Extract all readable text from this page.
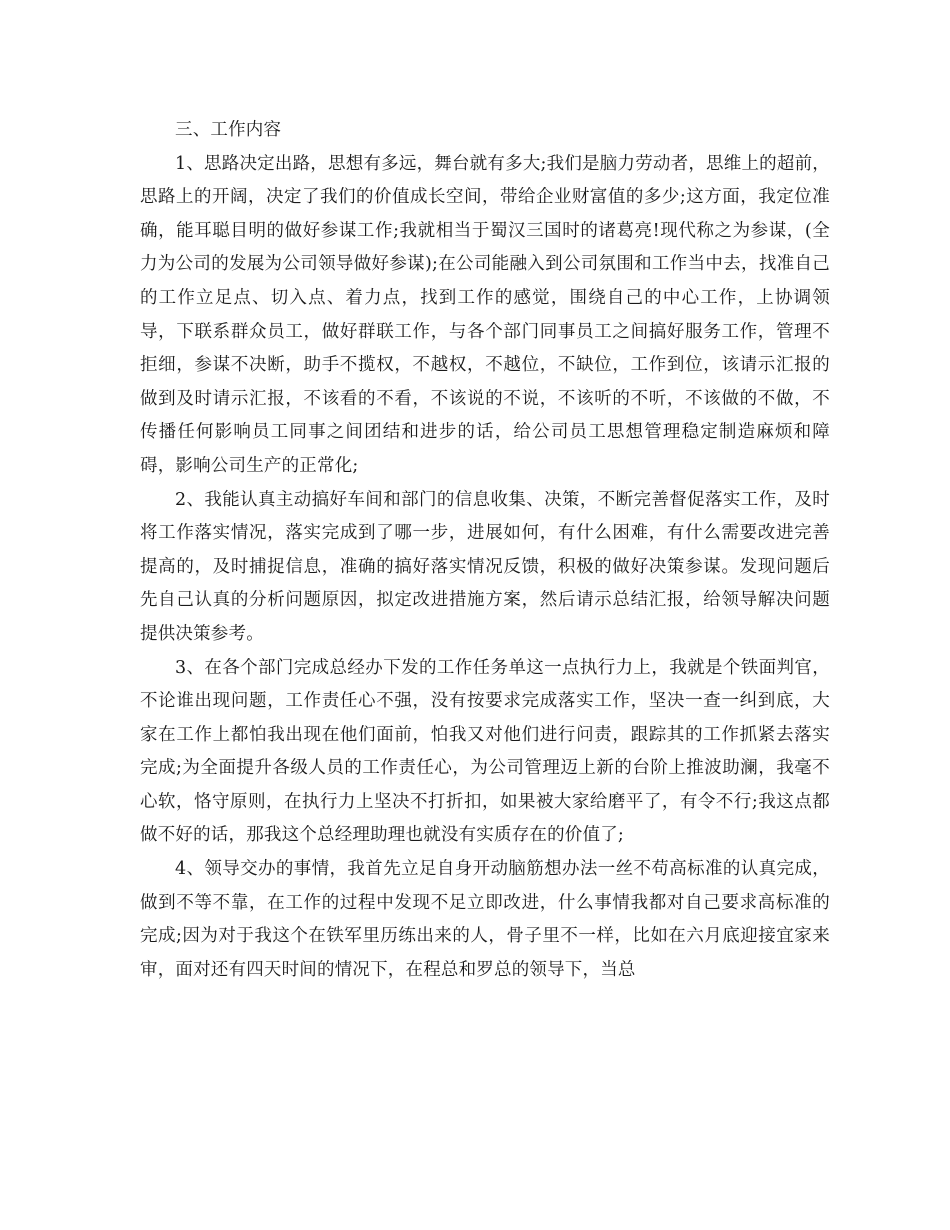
三、工作内容

1、思路决定出路，思想有多远，舞台就有多大;我们是脑力劳动者，思维上的超前，思路上的开阔，决定了我们的价值成长空间，带给企业财富值的多少;这方面，我定位准确，能耳聪目明的做好参谋工作;我就相当于蜀汉三国时的诸葛亮!现代称之为参谋，(全力为公司的发展为公司领导做好参谋);在公司能融入到公司氛围和工作当中去，找准自己的工作立足点、切入点、着力点，找到工作的感觉，围绕自己的中心工作，上协调领导，下联系群众员工，做好群联工作，与各个部门同事员工之间搞好服务工作，管理不拒细，参谋不决断，助手不揽权，不越权，不越位，不缺位，工作到位，该请示汇报的做到及时请示汇报，不该看的不看，不该说的不说，不该听的不听，不该做的不做，不传播任何影响员工同事之间团结和进步的话，给公司员工思想管理稳定制造麻烦和障碍，影响公司生产的正常化;

2、我能认真主动搞好车间和部门的信息收集、决策，不断完善督促落实工作，及时将工作落实情况，落实完成到了哪一步，进展如何，有什么困难，有什么需要改进完善提高的，及时捕捉信息，准确的搞好落实情况反馈，积极的做好决策参谋。发现问题后先自己认真的分析问题原因，拟定改进措施方案，然后请示总结汇报，给领导解决问题提供决策参考。

3、在各个部门完成总经办下发的工作任务单这一点执行力上，我就是个铁面判官，不论谁出现问题，工作责任心不强，没有按要求完成落实工作，坚决一查一纠到底，大家在工作上都怕我出现在他们面前，怕我又对他们进行问责，跟踪其的工作抓紧去落实完成;为全面提升各级人员的工作责任心，为公司管理迈上新的台阶上推波助澜，我毫不心软，恪守原则，在执行力上坚决不打折扣，如果被大家给磨平了，有令不行;我这点都做不好的话，那我这个总经理助理也就没有实质存在的价值了;

4、领导交办的事情，我首先立足自身开动脑筋想办法一丝不苟高标准的认真完成，做到不等不靠，在工作的过程中发现不足立即改进，什么事情我都对自己要求高标准的完成;因为对于我这个在铁军里历练出来的人，骨子里不一样，比如在六月底迎接宜家来审，面对还有四天时间的情况下，在程总和罗总的领导下，当总
